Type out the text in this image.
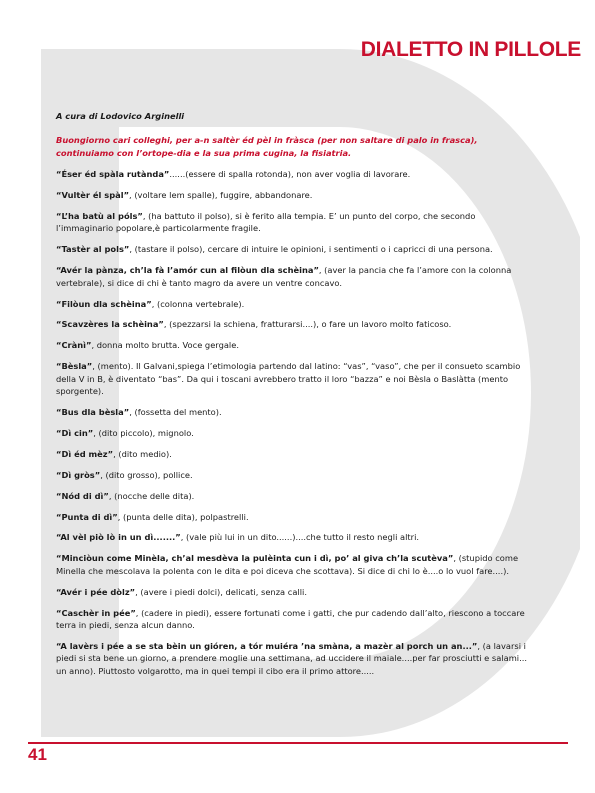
DIALETTO IN PILLOLE

A cura di Lodovico Arginelli

Buongiorno cari colleghi, per a-n saltèr éd pèl in fràsca (per non saltare di palo in frasca), continuiamo con l’ortope-dia e la sua prima cugina, la fisiatria.

“Éser éd spàla rutànda”......(essere di spalla rotonda), non aver voglia di lavorare.

“Vultèr él spàl”, (voltare lem spalle), fuggire, abbandonare.

“L’ha batù al póls”, (ha battuto il polso), si è ferito alla tempia. E’ un punto del corpo, che secondo l’immaginario popolare,è particolarmente fragile.

“Tastèr al pols”, (tastare il polso), cercare di intuire le opinioni, i sentimenti o i capricci di una persona.

“Avér la pànza, ch’la fà l’amór cun al filòun dla schèina”, (aver la pancia che fa l’amore con la colonna vertebrale), si dice di chi è tanto magro da avere un ventre concavo.

“Filòun dla schèina”, (colonna vertebrale).

“Scavzères la schèina”, (spezzarsi la schiena, fratturarsi....), o fare un lavoro molto faticoso.

“Crànì”, donna molto brutta. Voce gergale.

“Bèsla”, (mento). Il Galvani,spiega l’etimologia partendo dal latino: “vas”, “vaso”, che per il consueto scambio della V in B, è diventato “bas”. Da qui i toscani avrebbero tratto il loro “bazza” e noi Bèsla o Baslàtta (mento sporgente).

“Bus dla bèsla”, (fossetta del mento).

“Dì cin”, (dito piccolo), mignolo.

“Dì éd mèz”, (dito medio).

“Dì gròs”, (dito grosso), pollice.

“Nód di dì”, (nocche delle dita).

“Punta di dì”, (punta delle dita), polpastrelli.

“Al vèl piò lò in un dì.......”, (vale più lui in un dito......)....che tutto il resto negli altri.

“Minciòun come Minèla, ch’al mesdèva la pulèinta cun i dì, po’ al giva ch’la scutèva”, (stupido come Minella che mescolava la polenta con le dita e poi diceva che scottava). Si dice di chi lo è....o lo vuol fare....).

“Avér i pée dòlz”, (avere i piedi dolci), delicati, senza calli.

“Caschèr in pée”, (cadere in piedi), essere fortunati come i gatti, che pur cadendo dall’alto, riescono a toccare terra in piedi, senza alcun danno.

“A lavèrs i pée a se sta bèin un gióren, a tór muiéra ’na smàna, a mazèr al porch un an...”, (a lavarsi i piedi si sta bene un giorno, a prendere moglie una settimana, ad uccidere il maiale....per far prosciutti e salami... un anno). Piuttosto volgarotto, ma in quei tempi il cibo era il primo attore.....

41
